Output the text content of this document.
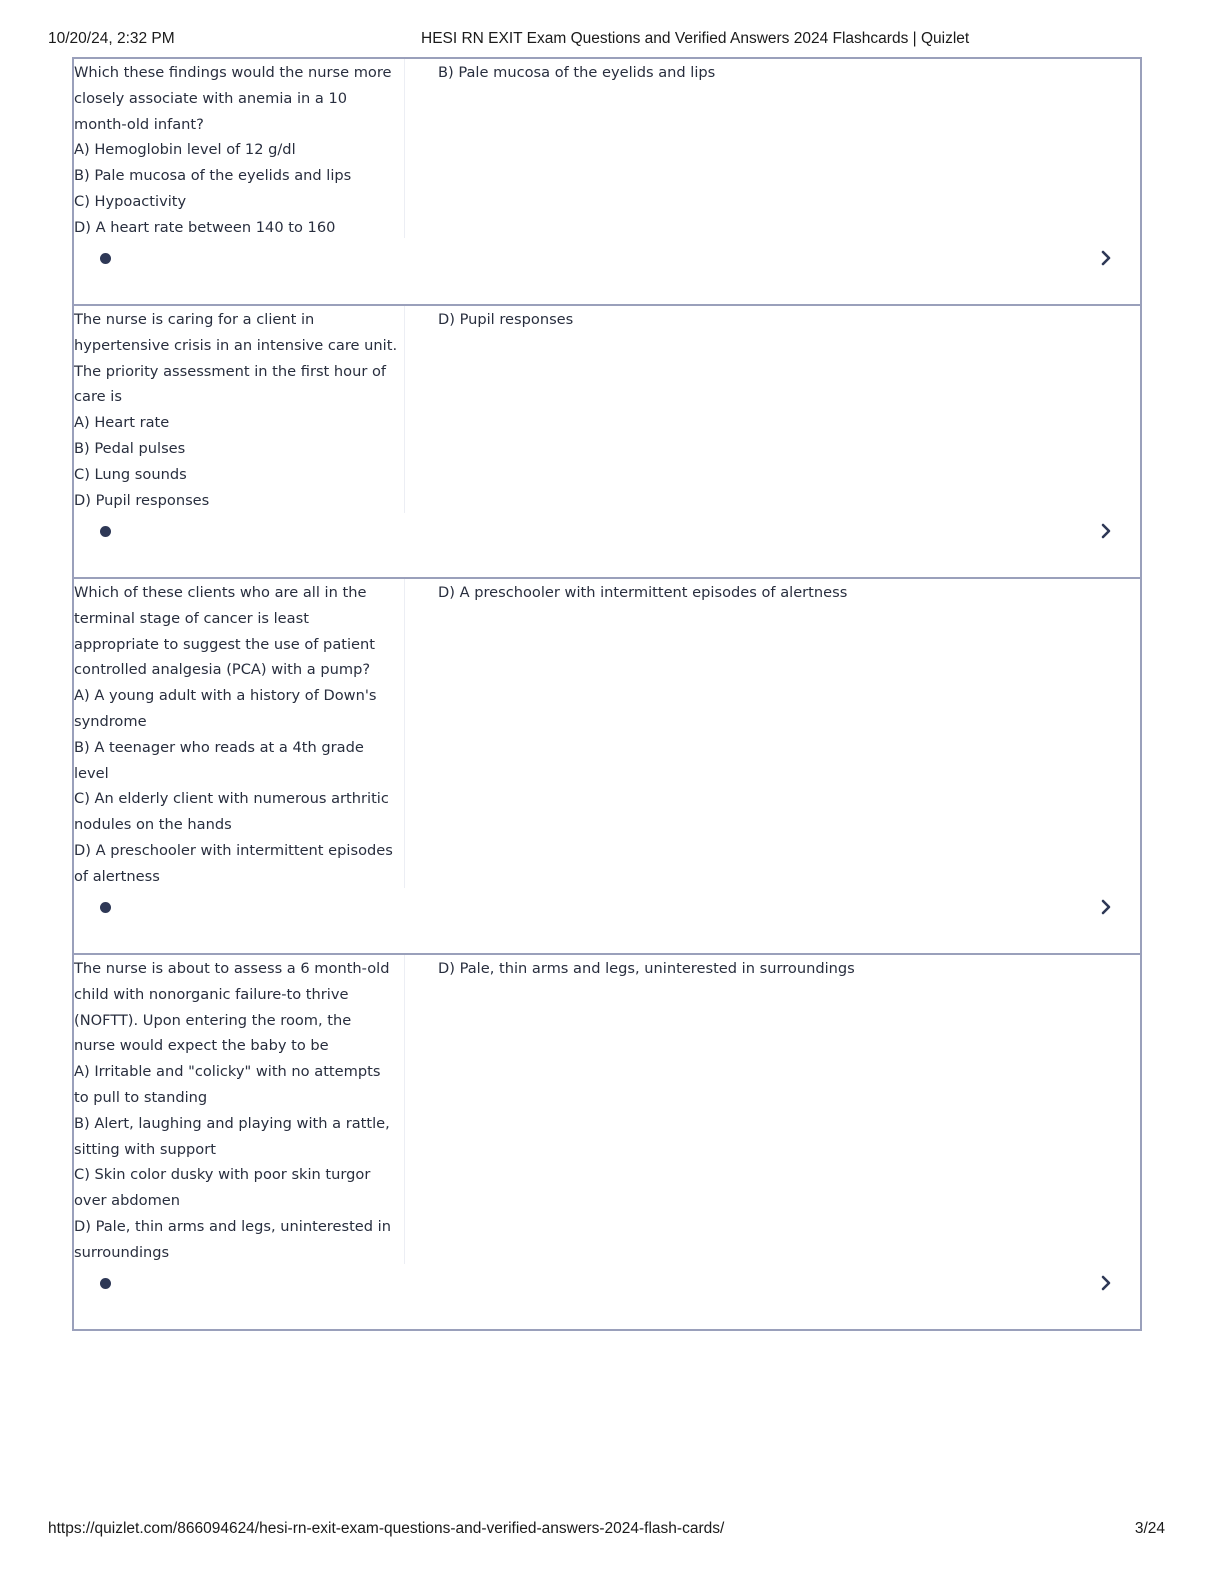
10/20/24, 2:32 PM	HESI RN EXIT Exam Questions and Verified Answers 2024 Flashcards | Quizlet
Which these findings would the nurse more
closely associate with anemia in a 10
month-old infant?
A) Hemoglobin level of 12 g/dl
B) Pale mucosa of the eyelids and lips
C) Hypoactivity
D) A heart rate between 140 to 160
B) Pale mucosa of the eyelids and lips
The nurse is caring for a client in
hypertensive crisis in an intensive care unit.
The priority assessment in the first hour of
care is
A) Heart rate
B) Pedal pulses
C) Lung sounds
D) Pupil responses
D) Pupil responses
Which of these clients who are all in the
terminal stage of cancer is least
appropriate to suggest the use of patient
controlled analgesia (PCA) with a pump?
A) A young adult with a history of Down's
syndrome
B) A teenager who reads at a 4th grade
level
C) An elderly client with numerous arthritic
nodules on the hands
D) A preschooler with intermittent episodes
of alertness
D) A preschooler with intermittent episodes of alertness
The nurse is about to assess a 6 month-old
child with nonorganic failure-to thrive
(NOFTT). Upon entering the room, the
nurse would expect the baby to be
A) Irritable and "colicky" with no attempts
to pull to standing
B) Alert, laughing and playing with a rattle,
sitting with support
C) Skin color dusky with poor skin turgor
over abdomen
D) Pale, thin arms and legs, uninterested in
surroundings
D) Pale, thin arms and legs, uninterested in surroundings
https://quizlet.com/866094624/hesi-rn-exit-exam-questions-and-verified-answers-2024-flash-cards/	3/24
